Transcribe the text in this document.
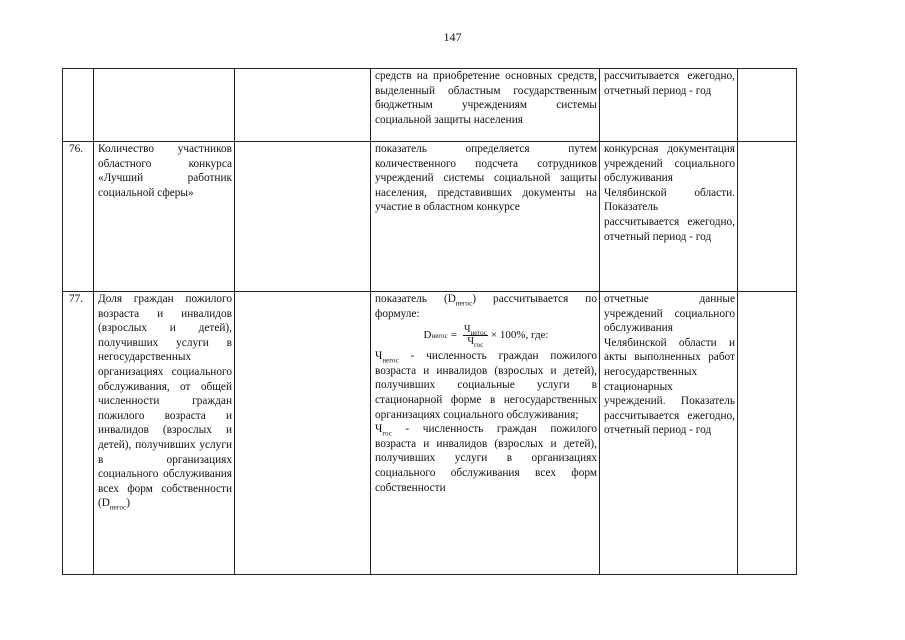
147

средств на приобретение основных средств, выделенный областным государственным бюджетным учреждениям системы социальной защиты населения

рассчитывается ежегодно, отчетный период - год

76.	Количество участников областного конкурса «Лучший работник социальной сферы»

показатель определяется путем количественного подсчета сотрудников учреждений системы социальной защиты населения, представивших документы на участие в областном конкурсе

конкурсная документация учреждений социального обслуживания Челябинской области. Показатель рассчитывается ежегодно, отчетный период - год

77.	Доля граждан пожилого возраста и инвалидов (взрослых и детей), получивших услуги в негосударственных организациях социального обслуживания, от общей численности граждан пожилого возраста и инвалидов (взрослых и детей), получивших услуги в организациях социального обслуживания всех форм собственности $(D_{негос})$

показатель $(D_{негос})$ рассчитывается по формуле:

D негос = $\frac{Ч_{негос}}{Ч_{гос}} \times 100\%$, где:

$Ч_{негос}$ - численность граждан пожилого возраста и инвалидов (взрослых и детей), получивших социальные услуги в стационарной форме в негосударственных организациях социального обслуживания;

$Ч_{гос}$ - численность граждан пожилого возраста и инвалидов (взрослых и детей), получивших услуги в организациях социального обслуживания всех форм собственности

отчетные данные учреждений социального обслуживания Челябинской области и акты выполненных работ негосударственных стационарных учреждений. Показатель рассчитывается ежегодно, отчетный период - год
